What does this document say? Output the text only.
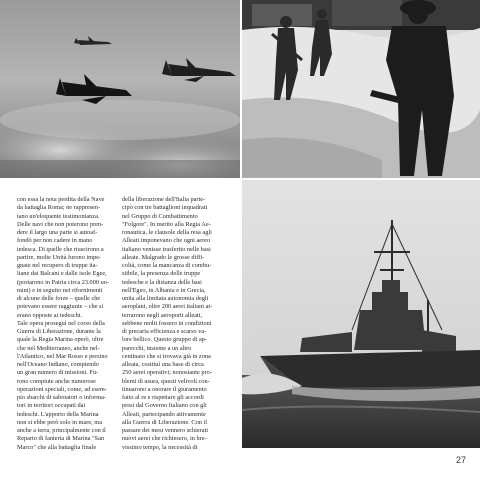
con essa la nota perdita della Nave
da battaglia Roma; ne rappresen-
tano un'eloquente testimonianza.
Delle navi che non poterono pren-
dere il largo una parte si autoaf-
fondò per non cadere in mano
tedesca. Di quelle che riuscirono a
partire, molte Unità furono impe-
gnate nel recupero di truppe ita-
liane dai Balcani e dalle isole Egee,
(portarono in Patria circa 23.000 uo-
mini) e in seguito nei rifornimenti
di alcune delle forze – quelle che
potevano essere raggiunte – che si
erano opposte ai tedeschi.
Tale opera proseguì nel corso della
Guerra di Liberazione, durante la
quale la Regia Marina operò, oltre
che nel Mediterraneo, anche nel-
l'Atlantico, nel Mar Rosso e persino
nell'Oceano Indiano, compiendo
un gran numero di missioni. Fu-
rono compiute anche numerose
operazioni speciali, come, ad esem-
pio sbarchi di sabotatori o informa-
tori in territori occupati dai
tedeschi. L'apporto della Marina
non si ebbe però solo in mare, ma
anche a terra, principalmente con il
Reparto di fanteria di Marina "San
Marco" che alla battaglia finale

della liberazione dell'Italia parte-
cipò con tre battaglioni inquadrati
nel Gruppo di Combattimento
"Folgore". In merito alla Regia Ae-
ronautica, le clausole della resa agli
Alleati imponevano che ogni aereo
italiano venisse trasferito nelle basi
alleate. Malgrado le grosse diffi-
coltà, come la mancanza di combu-
stibile, la presenza delle truppe
tedesche e la distanza delle basi
nell'Egeo, in Albania e in Grecia,
unita alla limitata autonomia degli
aeroplani, oltre 200 aerei italiani at-
terrarono negli aeroporti alleati,
sebbene molti fossero in condizioni
di precaria efficienza e scarso va-
lore bellico. Questo gruppo di ap-
parecchi, insieme a un altro
centinaio che si trovava già in zona
alleata, costituì una base di circa
250 aerei operativi; nonostante pro-
blemi di usura, questi velivoli con-
tinuarono a onorare il giuramento
fatto al re e rispettare gli accordi
presi dal Governo Italiano con gli
Alleati, partecipando attivamente
alla Guerra di Liberazione. Con il
passare dei mesi vennero schierati
nuovi aerei che richiesero, in bre-
vissimo tempo, la necessità di

27
